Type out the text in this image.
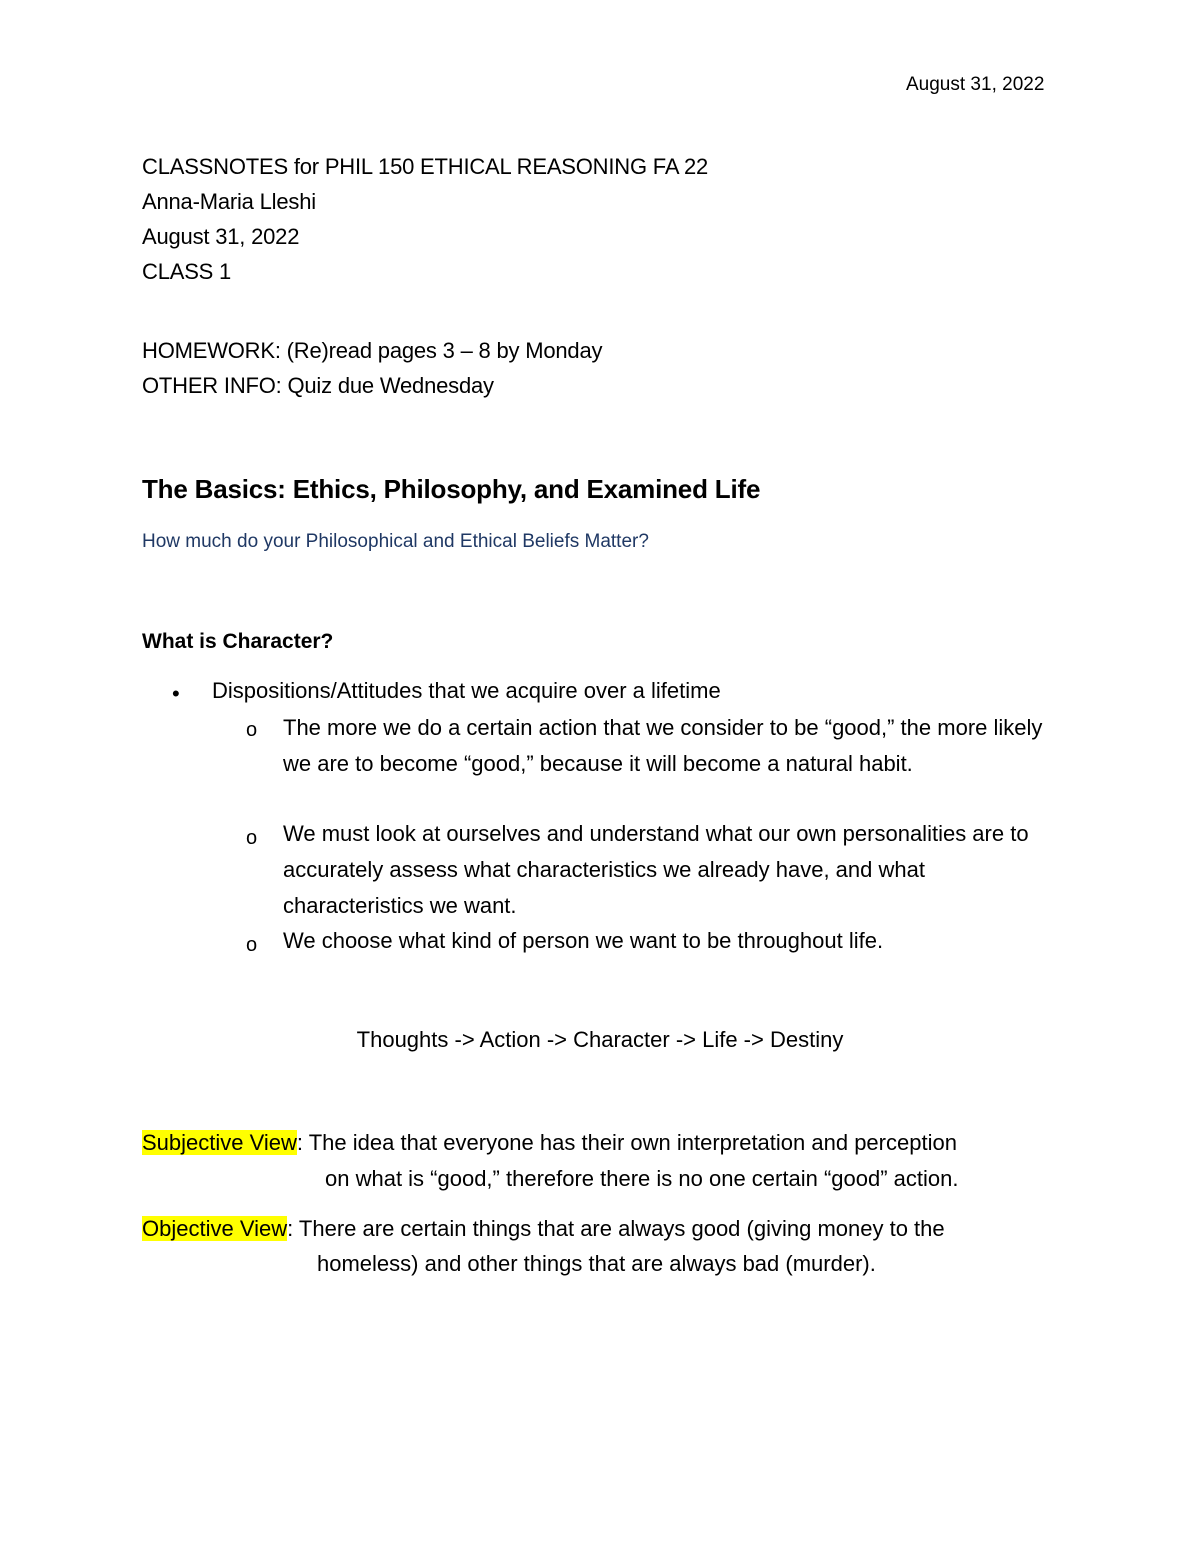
August 31, 2022
CLASSNOTES for PHIL 150 ETHICAL REASONING FA 22
Anna-Maria Lleshi
August 31, 2022
CLASS 1
HOMEWORK: (Re)read pages 3 – 8 by Monday
OTHER INFO: Quiz due Wednesday
The Basics: Ethics, Philosophy, and Examined Life
How much do your Philosophical and Ethical Beliefs Matter?
What is Character?
• Dispositions/Attitudes that we acquire over a lifetime
o The more we do a certain action that we consider to be “good,” the more likely we are to become “good,” because it will become a natural habit.
o We must look at ourselves and understand what our own personalities are to accurately assess what characteristics we already have, and what characteristics we want.
o We choose what kind of person we want to be throughout life.
Thoughts -> Action -> Character -> Life -> Destiny
Subjective View: The idea that everyone has their own interpretation and perception
on what is “good,” therefore there is no one certain “good” action.
Objective View: There are certain things that are always good (giving money to the
homeless) and other things that are always bad (murder).
